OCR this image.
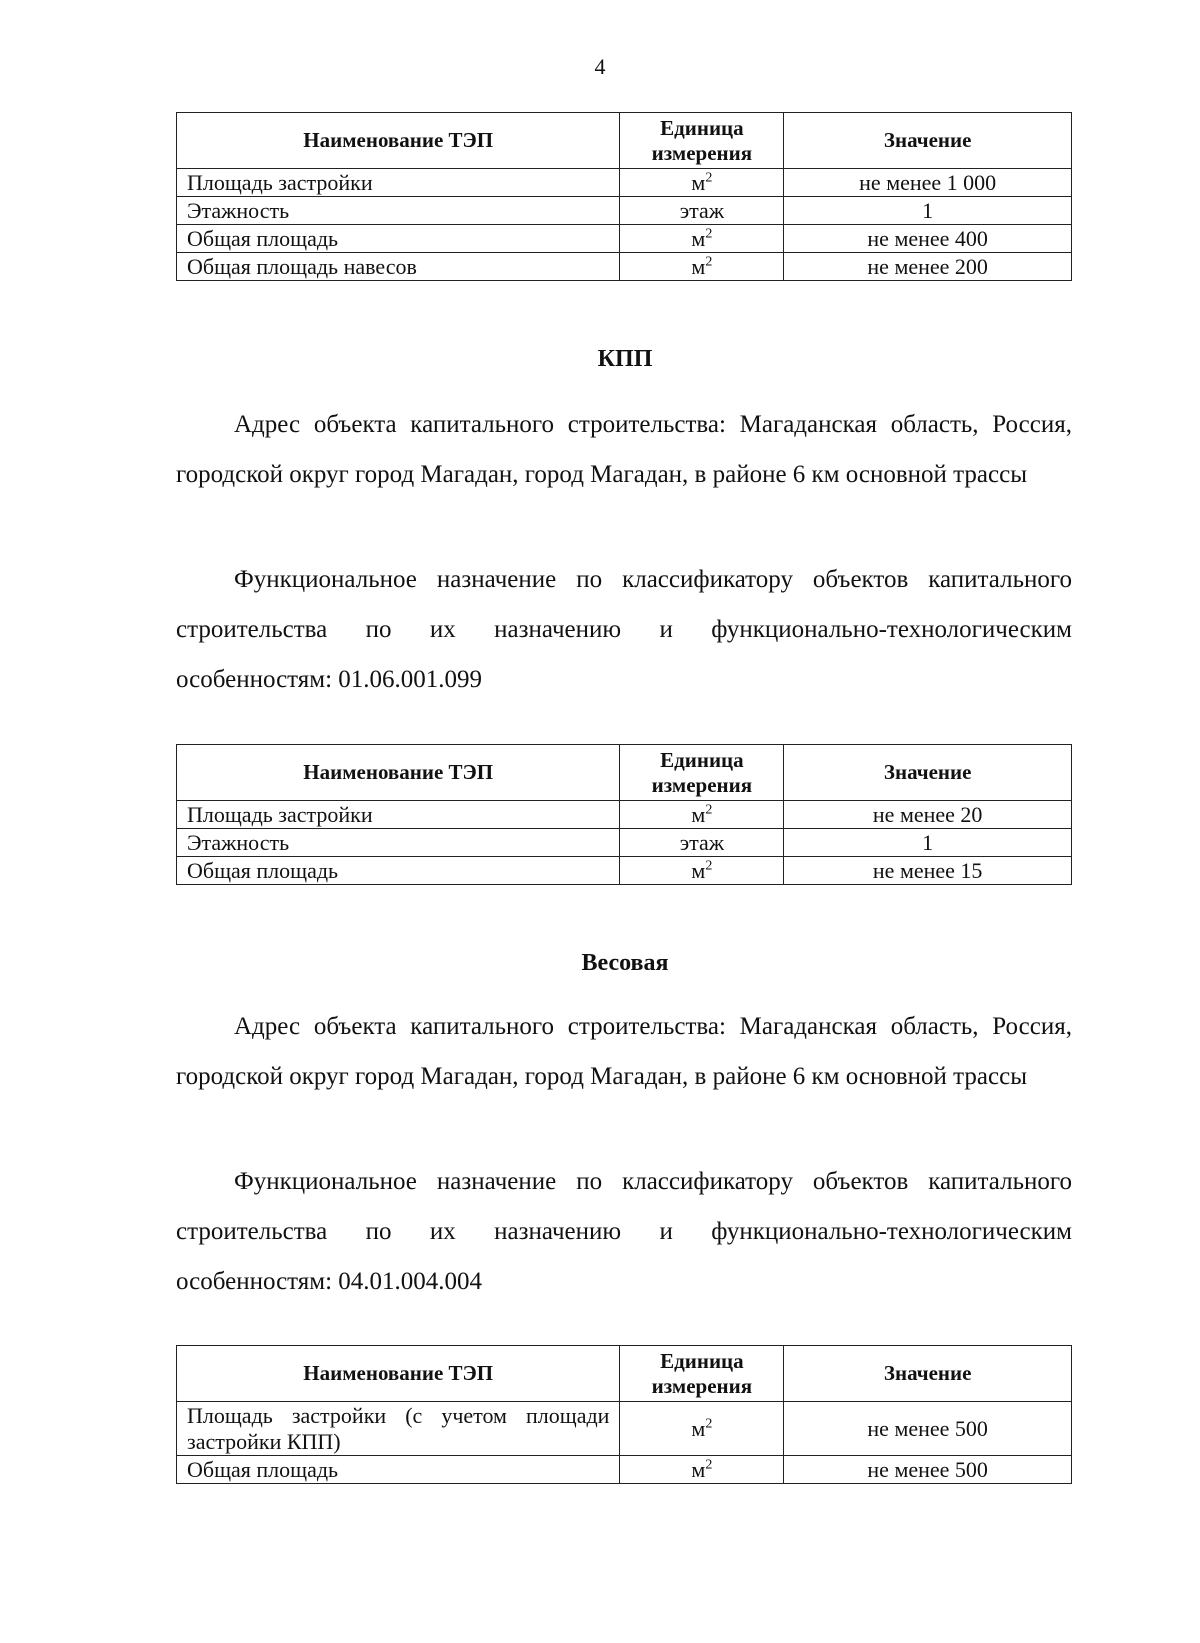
4
Наименование ТЭП	Единица измерения	Значение
Площадь застройки	$м^2$	не менее 1 000
Этажность	этаж	1
Общая площадь	$м^2$	не менее 400
Общая площадь навесов	$м^2$	не менее 200
КПП

Адрес объекта капитального строительства: Магаданская область, Россия, городской округ город Магадан, город Магадан, в районе 6 км основной трассы

Функциональное назначение по классификатору объектов капитального строительства по их назначению и функционально-технологическим особенностям: 01.06.001.099

Наименование ТЭП	Единица измерения	Значение
Площадь застройки	$м^2$	не менее 20
Этажность	этаж	1
Общая площадь	$м^2$	не менее 15
Весовая

Адрес объекта капитального строительства: Магаданская область, Россия, городской округ город Магадан, город Магадан, в районе 6 км основной трассы

Функциональное назначение по классификатору объектов капитального строительства по их назначению и функционально-технологическим особенностям: 04.01.004.004

Наименование ТЭП	Единица измерения	Значение
Площадь застройки (с учетом площади застройки КПП)	$м^2$	не менее 500
Общая площадь	$м^2$	не менее 500
